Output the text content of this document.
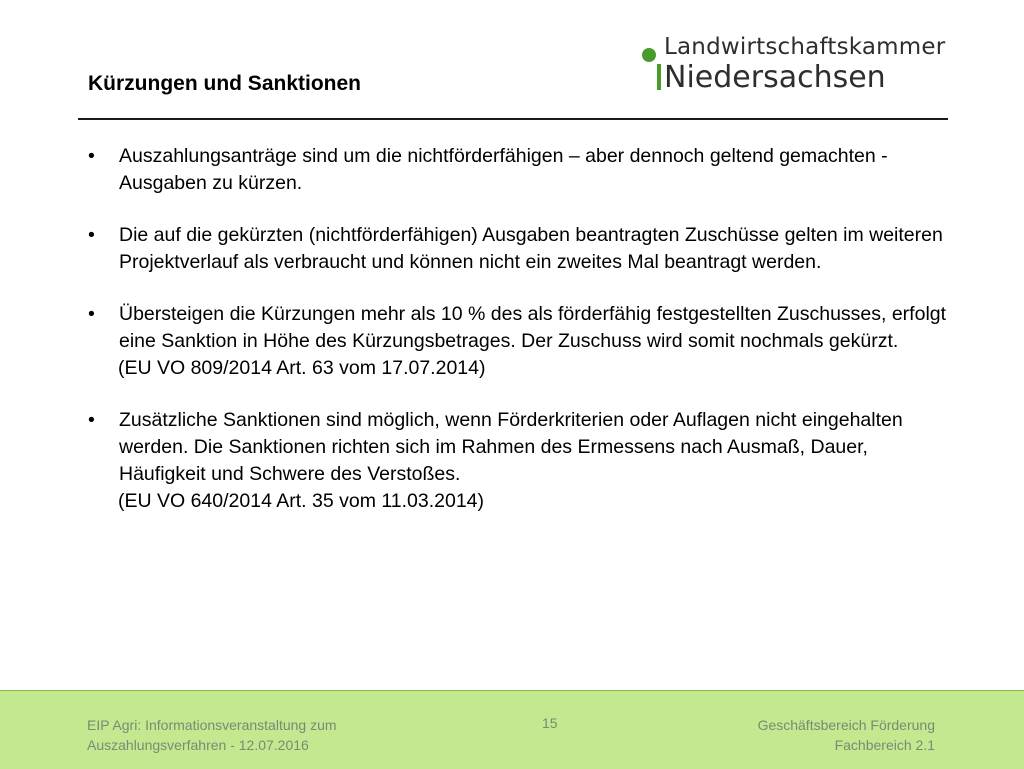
Kürzungen und Sanktionen
Landwirtschaftskammer
Niedersachsen
• Auszahlungsanträge sind um die nichtförderfähigen – aber dennoch geltend gemachten - Ausgaben zu kürzen.
• Die auf die gekürzten (nichtförderfähigen) Ausgaben beantragten Zuschüsse gelten im weiteren Projektverlauf als verbraucht und können nicht ein zweites Mal beantragt werden.
• Übersteigen die Kürzungen mehr als 10 % des als förderfähig festgestellten Zuschusses, erfolgt eine Sanktion in Höhe des Kürzungsbetrages. Der Zuschuss wird somit nochmals gekürzt.
(EU VO 809/2014 Art. 63 vom 17.07.2014)
• Zusätzliche Sanktionen sind möglich, wenn Förderkriterien oder Auflagen nicht eingehalten werden. Die Sanktionen richten sich im Rahmen des Ermessens nach Ausmaß, Dauer, Häufigkeit und Schwere des Verstoßes.
(EU VO 640/2014 Art. 35 vom 11.03.2014)
EIP Agri: Informationsveranstaltung zum
Auszahlungsverfahren - 12.07.2016
15	Geschäftsbereich Förderung
Fachbereich 2.1
